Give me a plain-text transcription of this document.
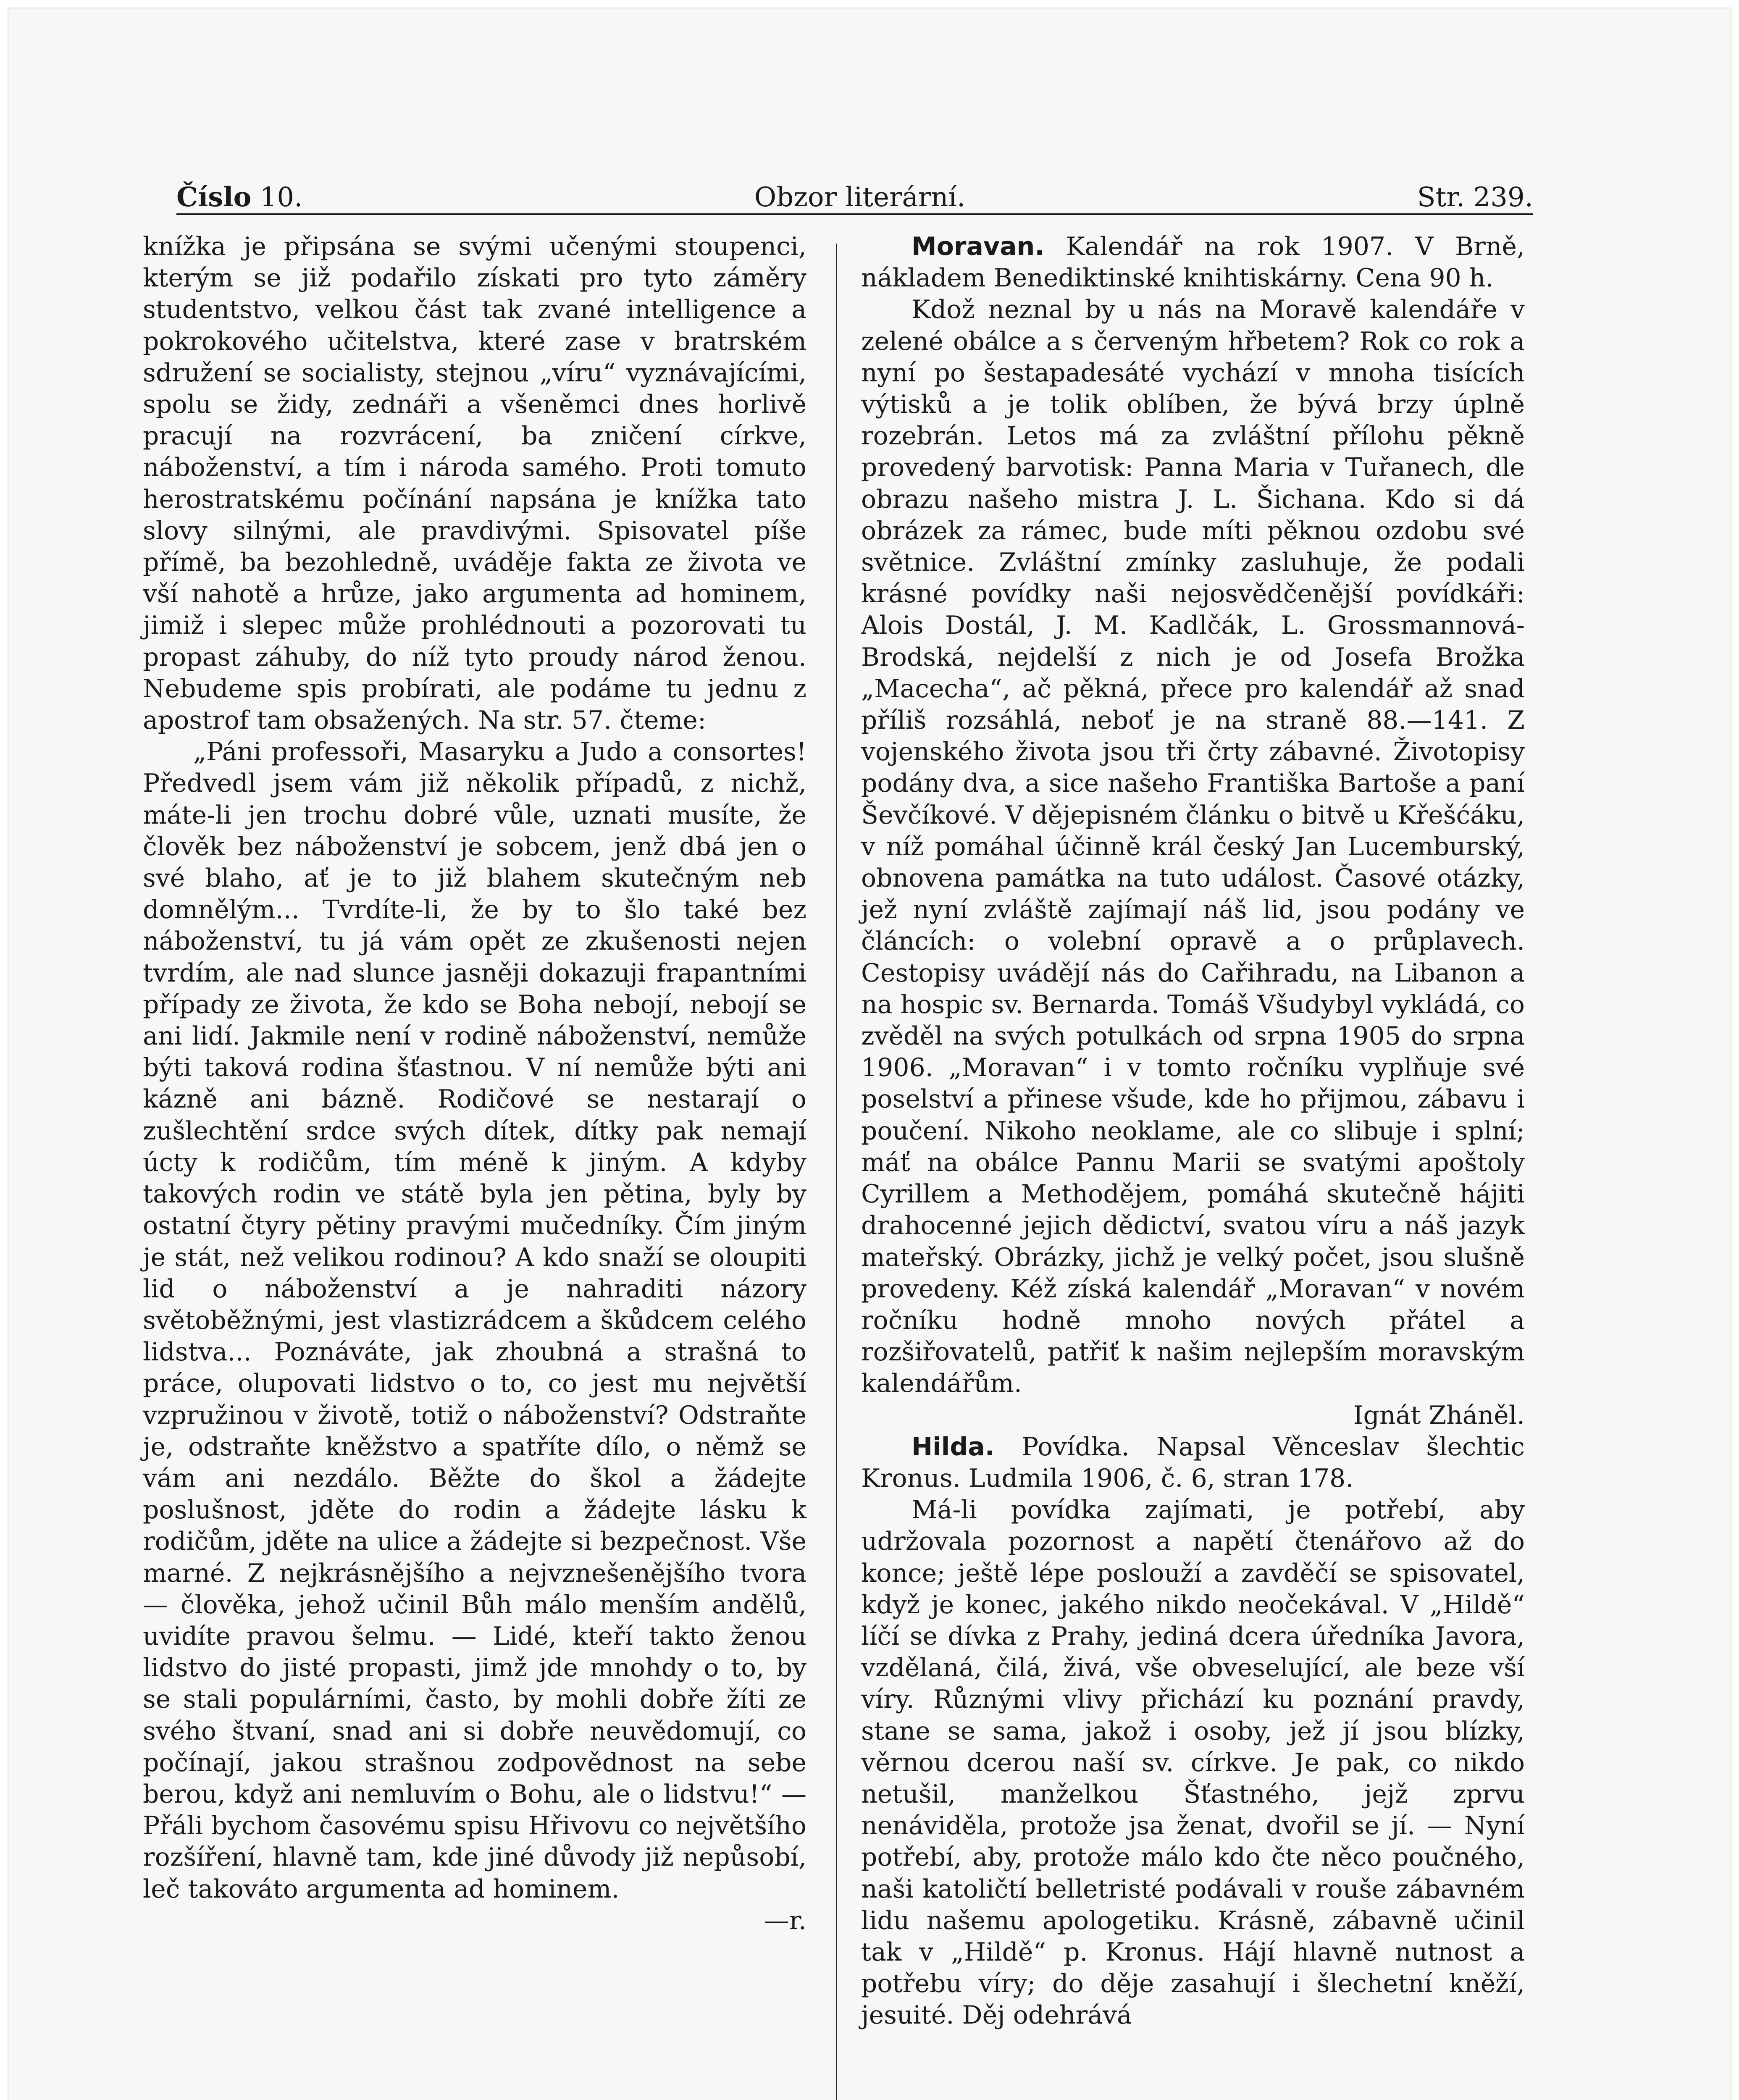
Číslo 10.	Obzor literární.	Str. 239.

knížka je připsána se svými učenými stoupenci, kterým se již podařilo získati pro tyto záměry studentstvo, velkou část tak zvané intelligence a pokrokového učitelstva, které zase v bratrském sdružení se socialisty, stejnou „víru“ vyznávajícími, spolu se židy, zednáři a všeněmci dnes horlivě pracují na rozvrácení, ba zničení církve, náboženství, a tím i národa samého. Proti tomuto herostratskému počínání napsána je knížka tato slovy silnými, ale pravdivými. Spisovatel píše přímě, ba bezohledně, uváděje fakta ze života ve vší nahotě a hrůze, jako argumenta ad hominem, jimiž i slepec může prohlédnouti a pozorovati tu propast záhuby, do níž tyto proudy národ ženou. Nebudeme spis probírati, ale podáme tu jednu z apostrof tam obsažených. Na str. 57. čteme:

„Páni professoři, Masaryku a Judo a consortes! Předvedl jsem vám již několik případů, z nichž, máte-li jen trochu dobré vůle, uznati musíte, že člověk bez náboženství je sobcem, jenž dbá jen o své blaho, ať je to již blahem skutečným neb domnělým... Tvrdíte-li, že by to šlo také bez náboženství, tu já vám opět ze zkušenosti nejen tvrdím, ale nad slunce jasněji dokazuji frapantními případy ze života, že kdo se Boha nebojí, nebojí se ani lidí. Jakmile není v rodině náboženství, nemůže býti taková rodina šťastnou. V ní nemůže býti ani kázně ani bázně. Rodičové se nestarají o zušlechtění srdce svých dítek, dítky pak nemají úcty k rodičům, tím méně k jiným. A kdyby takových rodin ve státě byla jen pětina, byly by ostatní čtyry pětiny pravými mučedníky. Čím jiným je stát, než velikou rodinou? A kdo snaží se oloupiti lid o náboženství a je nahraditi názory světoběžnými, jest vlastizrádcem a škůdcem celého lidstva... Poznáváte, jak zhoubná a strašná to práce, olupovati lidstvo o to, co jest mu největší vzpružinou v životě, totiž o náboženství? Odstraňte je, odstraňte kněžstvo a spatříte dílo, o němž se vám ani nezdálo. Běžte do škol a žádejte poslušnost, jděte do rodin a žádejte lásku k rodičům, jděte na ulice a žádejte si bezpečnost. Vše marné. Z nejkrásnějšího a nejvznešenějšího tvora — člověka, jehož učinil Bůh málo menším andělů, uvidíte pravou šelmu. — Lidé, kteří takto ženou lidstvo do jisté propasti, jimž jde mnohdy o to, by se stali populárními, často, by mohli dobře žíti ze svého štvaní, snad ani si dobře neuvědomují, co počínají, jakou strašnou zodpovědnost na sebe berou, když ani nemluvím o Bohu, ale o lidstvu!“ — Přáli bychom časovému spisu Hřivovu co největšího rozšíření, hlavně tam, kde jiné důvody již nepůsobí, leč takováto argumenta ad hominem.

—r.

Moravan. Kalendář na rok 1907. V Brně, nákladem Benediktinské knihtiskárny. Cena 90 h.

Kdož neznal by u nás na Moravě kalendáře v zelené obálce a s červeným hřbetem? Rok co rok a nyní po šestapadesáté vychází v mnoha tisících výtisků a je tolik oblíben, že bývá brzy úplně rozebrán. Letos má za zvláštní přílohu pěkně provedený barvotisk: Panna Maria v Tuřanech, dle obrazu našeho mistra J. L. Šichana. Kdo si dá obrázek za rámec, bude míti pěknou ozdobu své světnice. Zvláštní zmínky zasluhuje, že podali krásné povídky naši nejosvědčenější povídkáři: Alois Dostál, J. M. Kadlčák, L. Grossmannová-Brodská, nejdelší z nich je od Josefa Brožka „Macecha“, ač pěkná, přece pro kalendář až snad příliš rozsáhlá, neboť je na straně 88.—141. Z vojenského života jsou tři črty zábavné. Životopisy podány dva, a sice našeho Františka Bartoše a paní Ševčíkové. V dějepisném článku o bitvě u Křešćáku, v níž pomáhal účinně král český Jan Lucemburský, obnovena památka na tuto událost. Časové otázky, jež nyní zvláště zajímají náš lid, jsou podány ve článcích: o volební opravě a o průplavech. Cestopisy uvádějí nás do Cařihradu, na Libanon a na hospic sv. Bernarda. Tomáš Všudybyl vykládá, co zvěděl na svých potulkách od srpna 1905 do srpna 1906. „Moravan“ i v tomto ročníku vyplňuje své poselství a přinese všude, kde ho přijmou, zábavu i poučení. Nikoho neoklame, ale co slibuje i splní; máť na obálce Pannu Marii se svatými apoštoly Cyrillem a Methodějem, pomáhá skutečně hájiti drahocenné jejich dědictví, svatou víru a náš jazyk mateřský. Obrázky, jichž je velký počet, jsou slušně provedeny. Kéž získá kalendář „Moravan“ v novém ročníku hodně mnoho nových přátel a rozšiřovatelů, patřiť k našim nejlepším moravským kalendářům.

Ignát Zháněl.

Hilda. Povídka. Napsal Věnceslav šlechtic Kronus. Ludmila 1906, č. 6, stran 178.

Má-li povídka zajímati, je potřebí, aby udržovala pozornost a napětí čtenářovo až do konce; ještě lépe poslouží a zavděčí se spisovatel, když je konec, jakého nikdo neočekával. V „Hildě“ líčí se dívka z Prahy, jediná dcera úředníka Javora, vzdělaná, čilá, živá, vše obveselující, ale beze vší víry. Různými vlivy přichází ku poznání pravdy, stane se sama, jakož i osoby, jež jí jsou blízky, věrnou dcerou naší sv. církve. Je pak, co nikdo netušil, manželkou Šťastného, jejž zprvu nenáviděla, protože jsa ženat, dvořil se jí. — Nyní potřebí, aby, protože málo kdo čte něco poučného, naši katoličtí belletristé podávali v rouše zábavném lidu našemu apologetiku. Krásně, zábavně učinil tak v „Hildě“ p. Kronus. Hájí hlavně nutnost a potřebu víry; do děje zasahují i šlechetní kněží, jesuité. Děj odehrává
